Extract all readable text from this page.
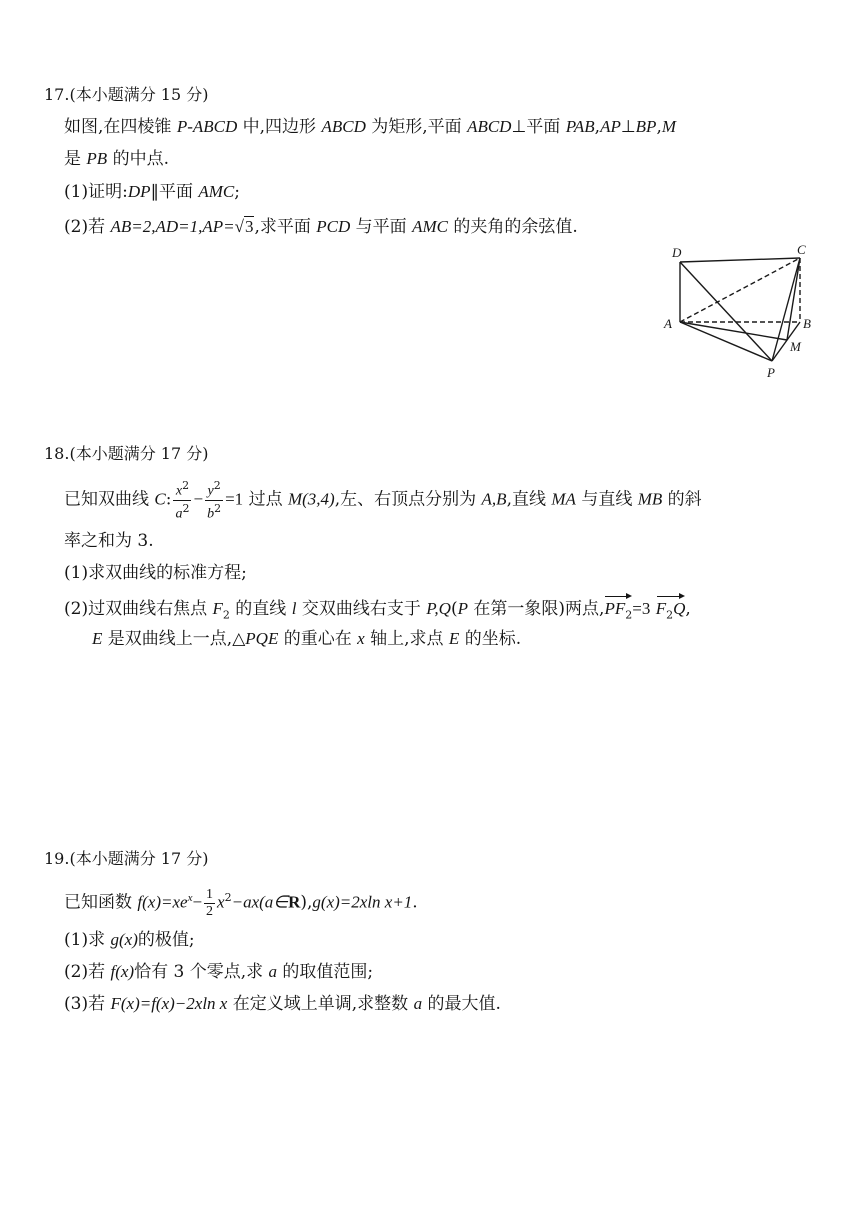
17.(本小题满分 15 分)
如图,在四棱锥 P-ABCD 中,四边形 ABCD 为矩形,平面 ABCD⊥平面 PAB,AP⊥BP,M
是 PB 的中点.
(1)证明:DP∥平面 AMC;
(2)若 AB=2,AD=1,AP=√3,求平面 PCD 与平面 AMC 的夹角的余弦值.
D	C
A	B
M
P
18.(本小题满分 17 分)
已知双曲线 C: $\frac{x^2}{a^2} - \frac{y^2}{b^2} =1$ 过点 M(3,4),左、右顶点分别为 A,B,直线 MA 与直线 MB 的斜
率之和为 3.
(1)求双曲线的标准方程;
(2)过双曲线右焦点 $F_2$ 的直线 l 交双曲线右支于 P,Q(P 在第一象限)两点$,PF_2=3$ $F_2Q$,
E 是双曲线上一点,△PQE 的重心在 x 轴上,求点 E 的坐标.
19.(本小题满分 17 分)
已知函数 $f(x)=xe^x- \frac{1}{2}$ $x^2-ax(a\in R),g(x)=2xln$ x+1.
(1)求 g(x)的极值;
(2)若 f(x)恰有 3 个零点,求 a 的取值范围;
(3)若 F(x)=f(x)−2xln x 在定义域上单调,求整数 a 的最大值.
